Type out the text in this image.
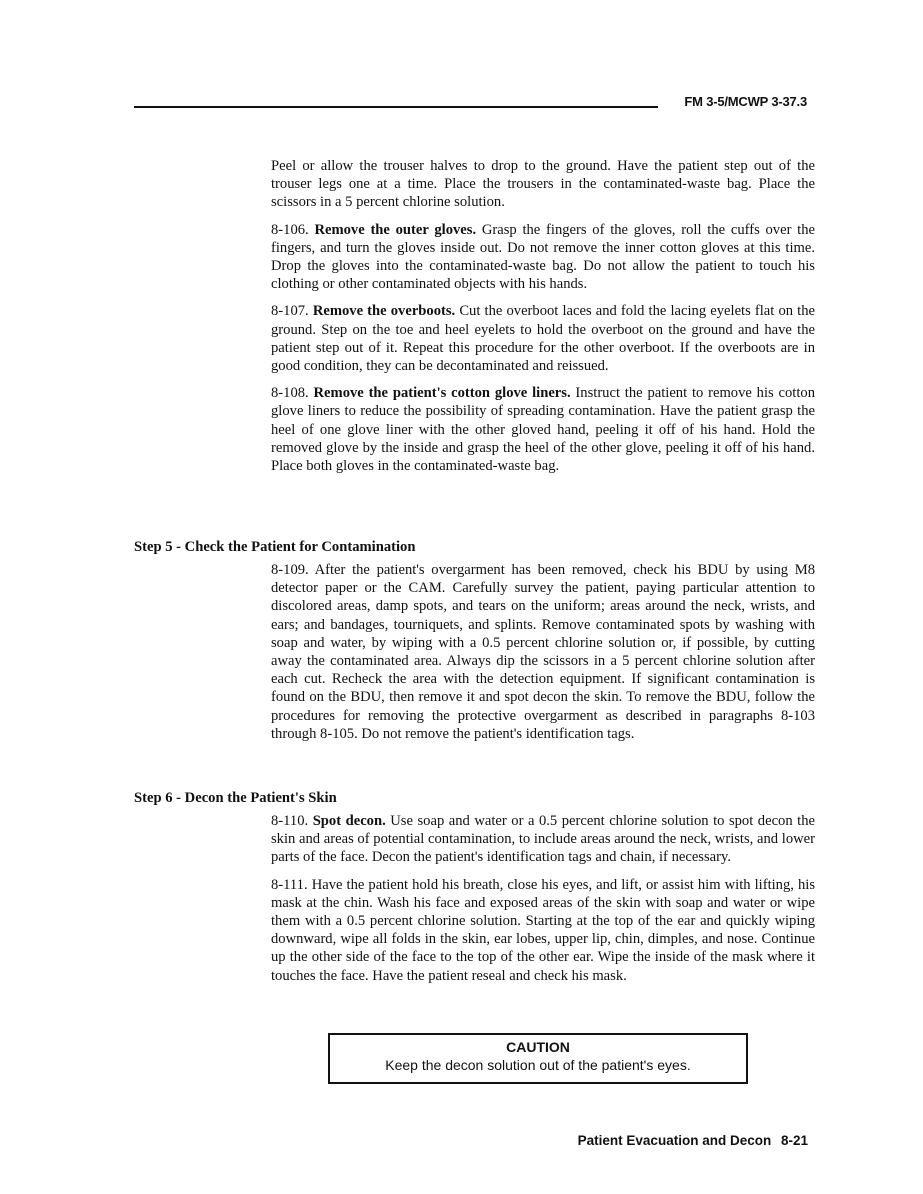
FM 3-5/MCWP 3-37.3

Peel or allow the trouser halves to drop to the ground. Have the patient step out of the trouser legs one at a time. Place the trousers in the contaminated-waste bag. Place the scissors in a 5 percent chlorine solution.

8-106. Remove the outer gloves. Grasp the fingers of the gloves, roll the cuffs over the fingers, and turn the gloves inside out. Do not remove the inner cotton gloves at this time. Drop the gloves into the contaminated-waste bag. Do not allow the patient to touch his clothing or other contaminated objects with his hands.

8-107. Remove the overboots. Cut the overboot laces and fold the lacing eyelets flat on the ground. Step on the toe and heel eyelets to hold the overboot on the ground and have the patient step out of it. Repeat this procedure for the other overboot. If the overboots are in good condition, they can be decontaminated and reissued.

8-108. Remove the patient's cotton glove liners. Instruct the patient to remove his cotton glove liners to reduce the possibility of spreading contamination. Have the patient grasp the heel of one glove liner with the other gloved hand, peeling it off of his hand. Hold the removed glove by the inside and grasp the heel of the other glove, peeling it off of his hand. Place both gloves in the contaminated-waste bag.

Step 5 - Check the Patient for Contamination

8-109. After the patient's overgarment has been removed, check his BDU by using M8 detector paper or the CAM. Carefully survey the patient, paying particular attention to discolored areas, damp spots, and tears on the uniform; areas around the neck, wrists, and ears; and bandages, tourniquets, and splints. Remove contaminated spots by washing with soap and water, by wiping with a 0.5 percent chlorine solution or, if possible, by cutting away the contaminated area. Always dip the scissors in a 5 percent chlorine solution after each cut. Recheck the area with the detection equipment. If significant contamination is found on the BDU, then remove it and spot decon the skin. To remove the BDU, follow the procedures for removing the protective overgarment as described in paragraphs 8-103 through 8-105. Do not remove the patient's identification tags.

Step 6 - Decon the Patient's Skin

8-110. Spot decon. Use soap and water or a 0.5 percent chlorine solution to spot decon the skin and areas of potential contamination, to include areas around the neck, wrists, and lower parts of the face. Decon the patient's identification tags and chain, if necessary.

8-111. Have the patient hold his breath, close his eyes, and lift, or assist him with lifting, his mask at the chin. Wash his face and exposed areas of the skin with soap and water or wipe them with a 0.5 percent chlorine solution. Starting at the top of the ear and quickly wiping downward, wipe all folds in the skin, ear lobes, upper lip, chin, dimples, and nose. Continue up the other side of the face to the top of the other ear. Wipe the inside of the mask where it touches the face. Have the patient reseal and check his mask.

CAUTION
Keep the decon solution out of the patient's eyes.
Patient Evacuation and Decon 8-21
